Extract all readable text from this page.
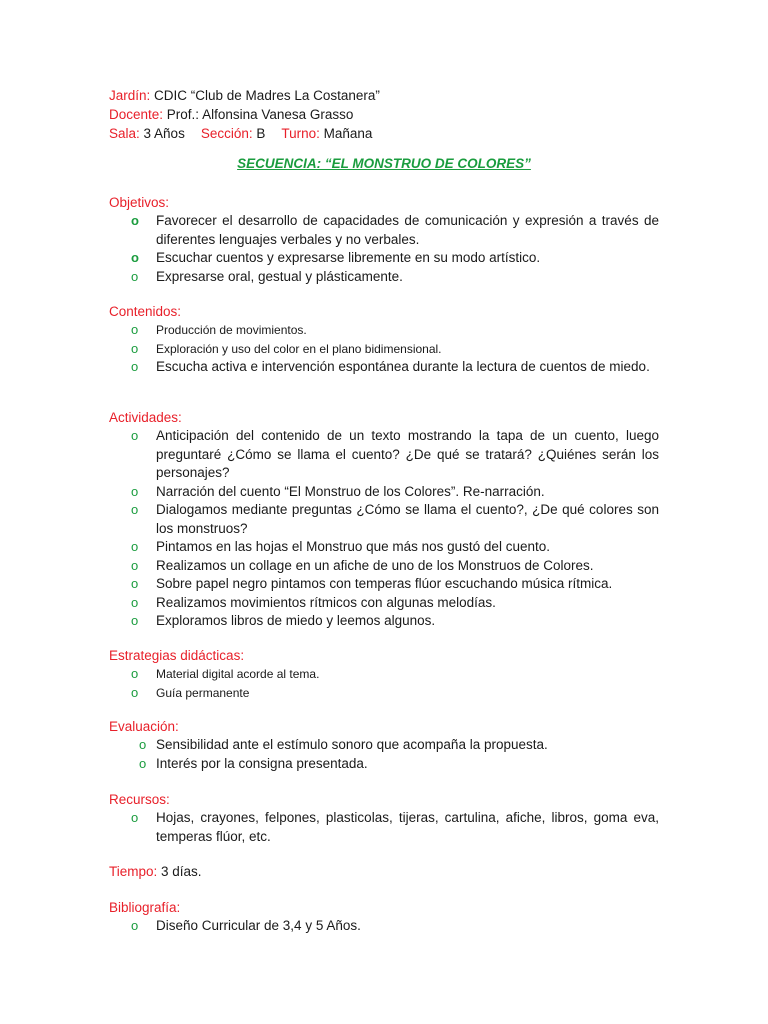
Jardín: CDIC “Club de Madres La Costanera”
Docente: Prof.: Alfonsina Vanesa Grasso
Sala: 3 Años Sección: B Turno: Mañana
SECUENCIA: “EL MONSTRUO DE COLORES”
Objetivos:
o Favorecer el desarrollo de capacidades de comunicación y expresión a través de diferentes lenguajes verbales y no verbales.
o Escuchar cuentos y expresarse libremente en su modo artístico.
o Expresarse oral, gestual y plásticamente.
Contenidos:
o Producción de movimientos.
o Exploración y uso del color en el plano bidimensional.
o Escucha activa e intervención espontánea durante la lectura de cuentos de miedo.
Actividades:
o Anticipación del contenido de un texto mostrando la tapa de un cuento, luego preguntaré ¿Cómo se llama el cuento? ¿De qué se tratará? ¿Quiénes serán los personajes?
o Narración del cuento “El Monstruo de los Colores”. Re-narración.
o Dialogamos mediante preguntas ¿Cómo se llama el cuento?, ¿De qué colores son los monstruos?
o Pintamos en las hojas el Monstruo que más nos gustó del cuento.
o Realizamos un collage en un afiche de uno de los Monstruos de Colores.
o Sobre papel negro pintamos con temperas flúor escuchando música rítmica.
o Realizamos movimientos rítmicos con algunas melodías.
o Exploramos libros de miedo y leemos algunos.
Estrategias didácticas:
o Material digital acorde al tema.
o Guía permanente
Evaluación:
o Sensibilidad ante el estímulo sonoro que acompaña la propuesta.
o Interés por la consigna presentada.
Recursos:
o Hojas, crayones, felpones, plasticolas, tijeras, cartulina, afiche, libros, goma eva, temperas flúor, etc.
Tiempo: 3 días.
Bibliografía:
o Diseño Curricular de 3,4 y 5 Años.
